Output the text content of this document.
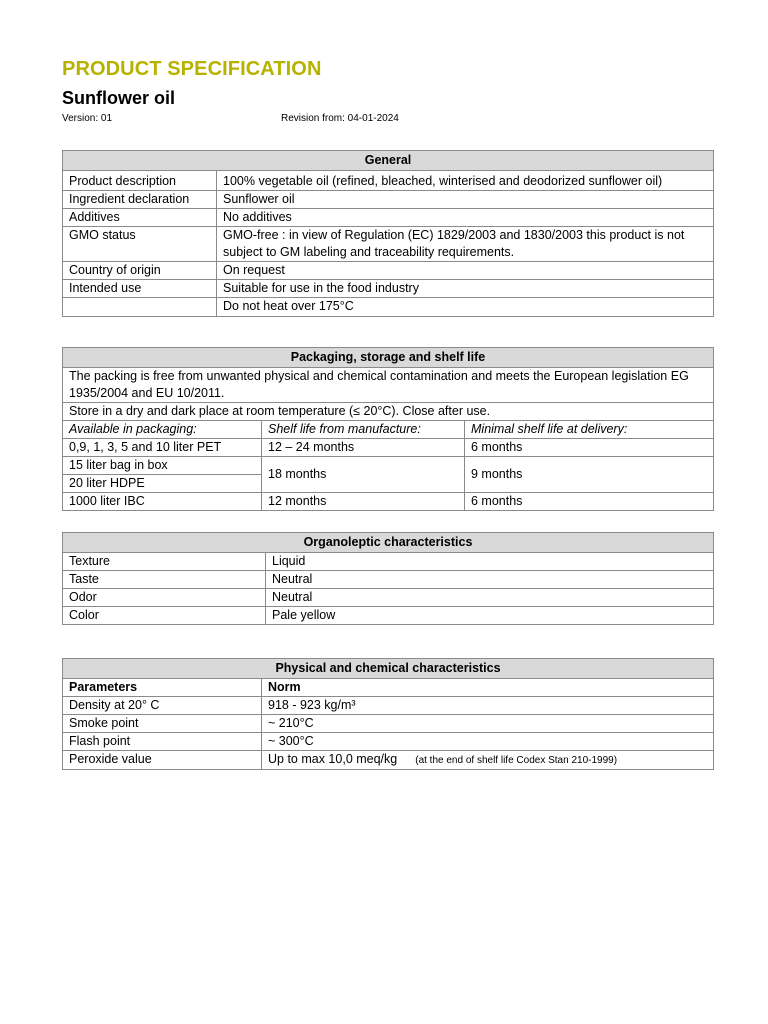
PRODUCT SPECIFICATION
Sunflower oil
Version: 01	Revision from: 04-01-2024
General	
Product description	100% vegetable oil (refined, bleached, winterised and deodorized sunflower oil)
Ingredient declaration	Sunflower oil
Additives	No additives
GMO status	GMO-free : in view of Regulation (EC) 1829/2003 and 1830/2003 this product is not subject to GM labeling and traceability requirements.
Country of origin	On request
Intended use	Suitable for use in the food industry
	Do not heat over 175°C
Packaging, storage and shelf life		
The packing is free from unwanted physical and chemical contamination and meets the European legislation EG 1935/2004 and EU 10/2011.		
Store in a dry and dark place at room temperature (≤ 20°C). Close after use.		
Available in packaging:	Shelf life from manufacture:	Minimal shelf life at delivery:
0,9, 1, 3, 5 and 10 liter PET	12 – 24 months	6 months
15 liter bag in box	18 months	9 months
20 liter HDPE		
1000 liter IBC	12 months	6 months
Organoleptic characteristics	
Texture	Liquid
Taste	Neutral
Odor	Neutral
Color	Pale yellow
Physical and chemical characteristics	
Parameters	Norm
Density at 20° C	918 - 923 kg/m³
Smoke point	~ 210°C
Flash point	~ 300°C
Peroxide value	Up to max 10,0 meq/kg (at the end of shelf life Codex Stan 210-1999)
